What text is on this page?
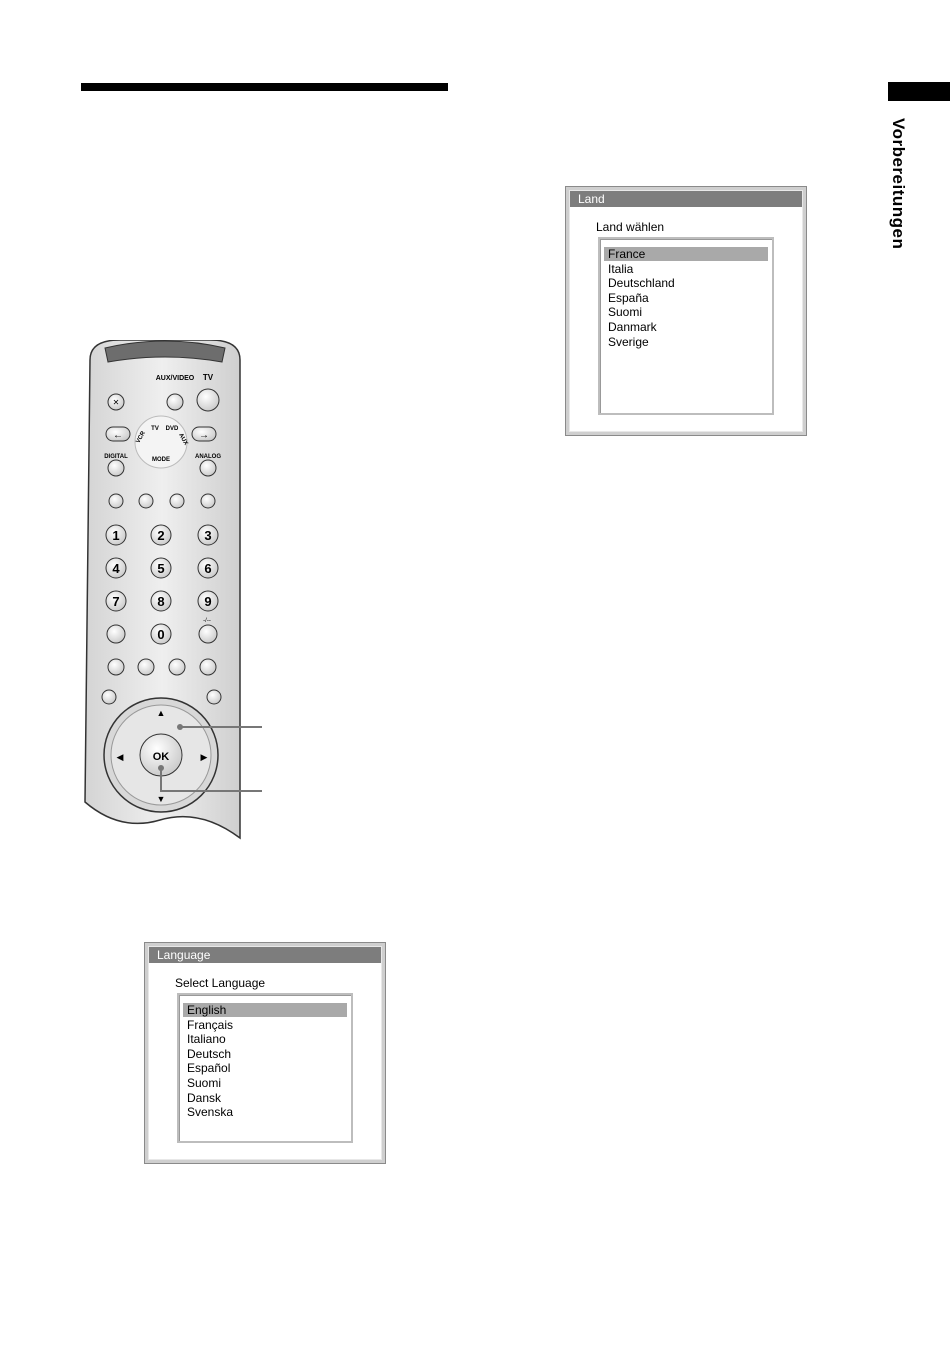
Vorbereitungen
Land
Land wählen
France
Italia
Deutschland
España
Suomi
Danmark
Sverige
Language
Select Language
English
Français
Italiano
Deutsch
Español
Suomi
Dansk
Svenska
AUX/VIDEO TV
✕
←	→
MODE
VCR
TV DVD
AUX
DIGITAL	ANALOG
1	2	3
4	5	6
7	8	9
0
-/--
▲
▼
◀	▶
OK
